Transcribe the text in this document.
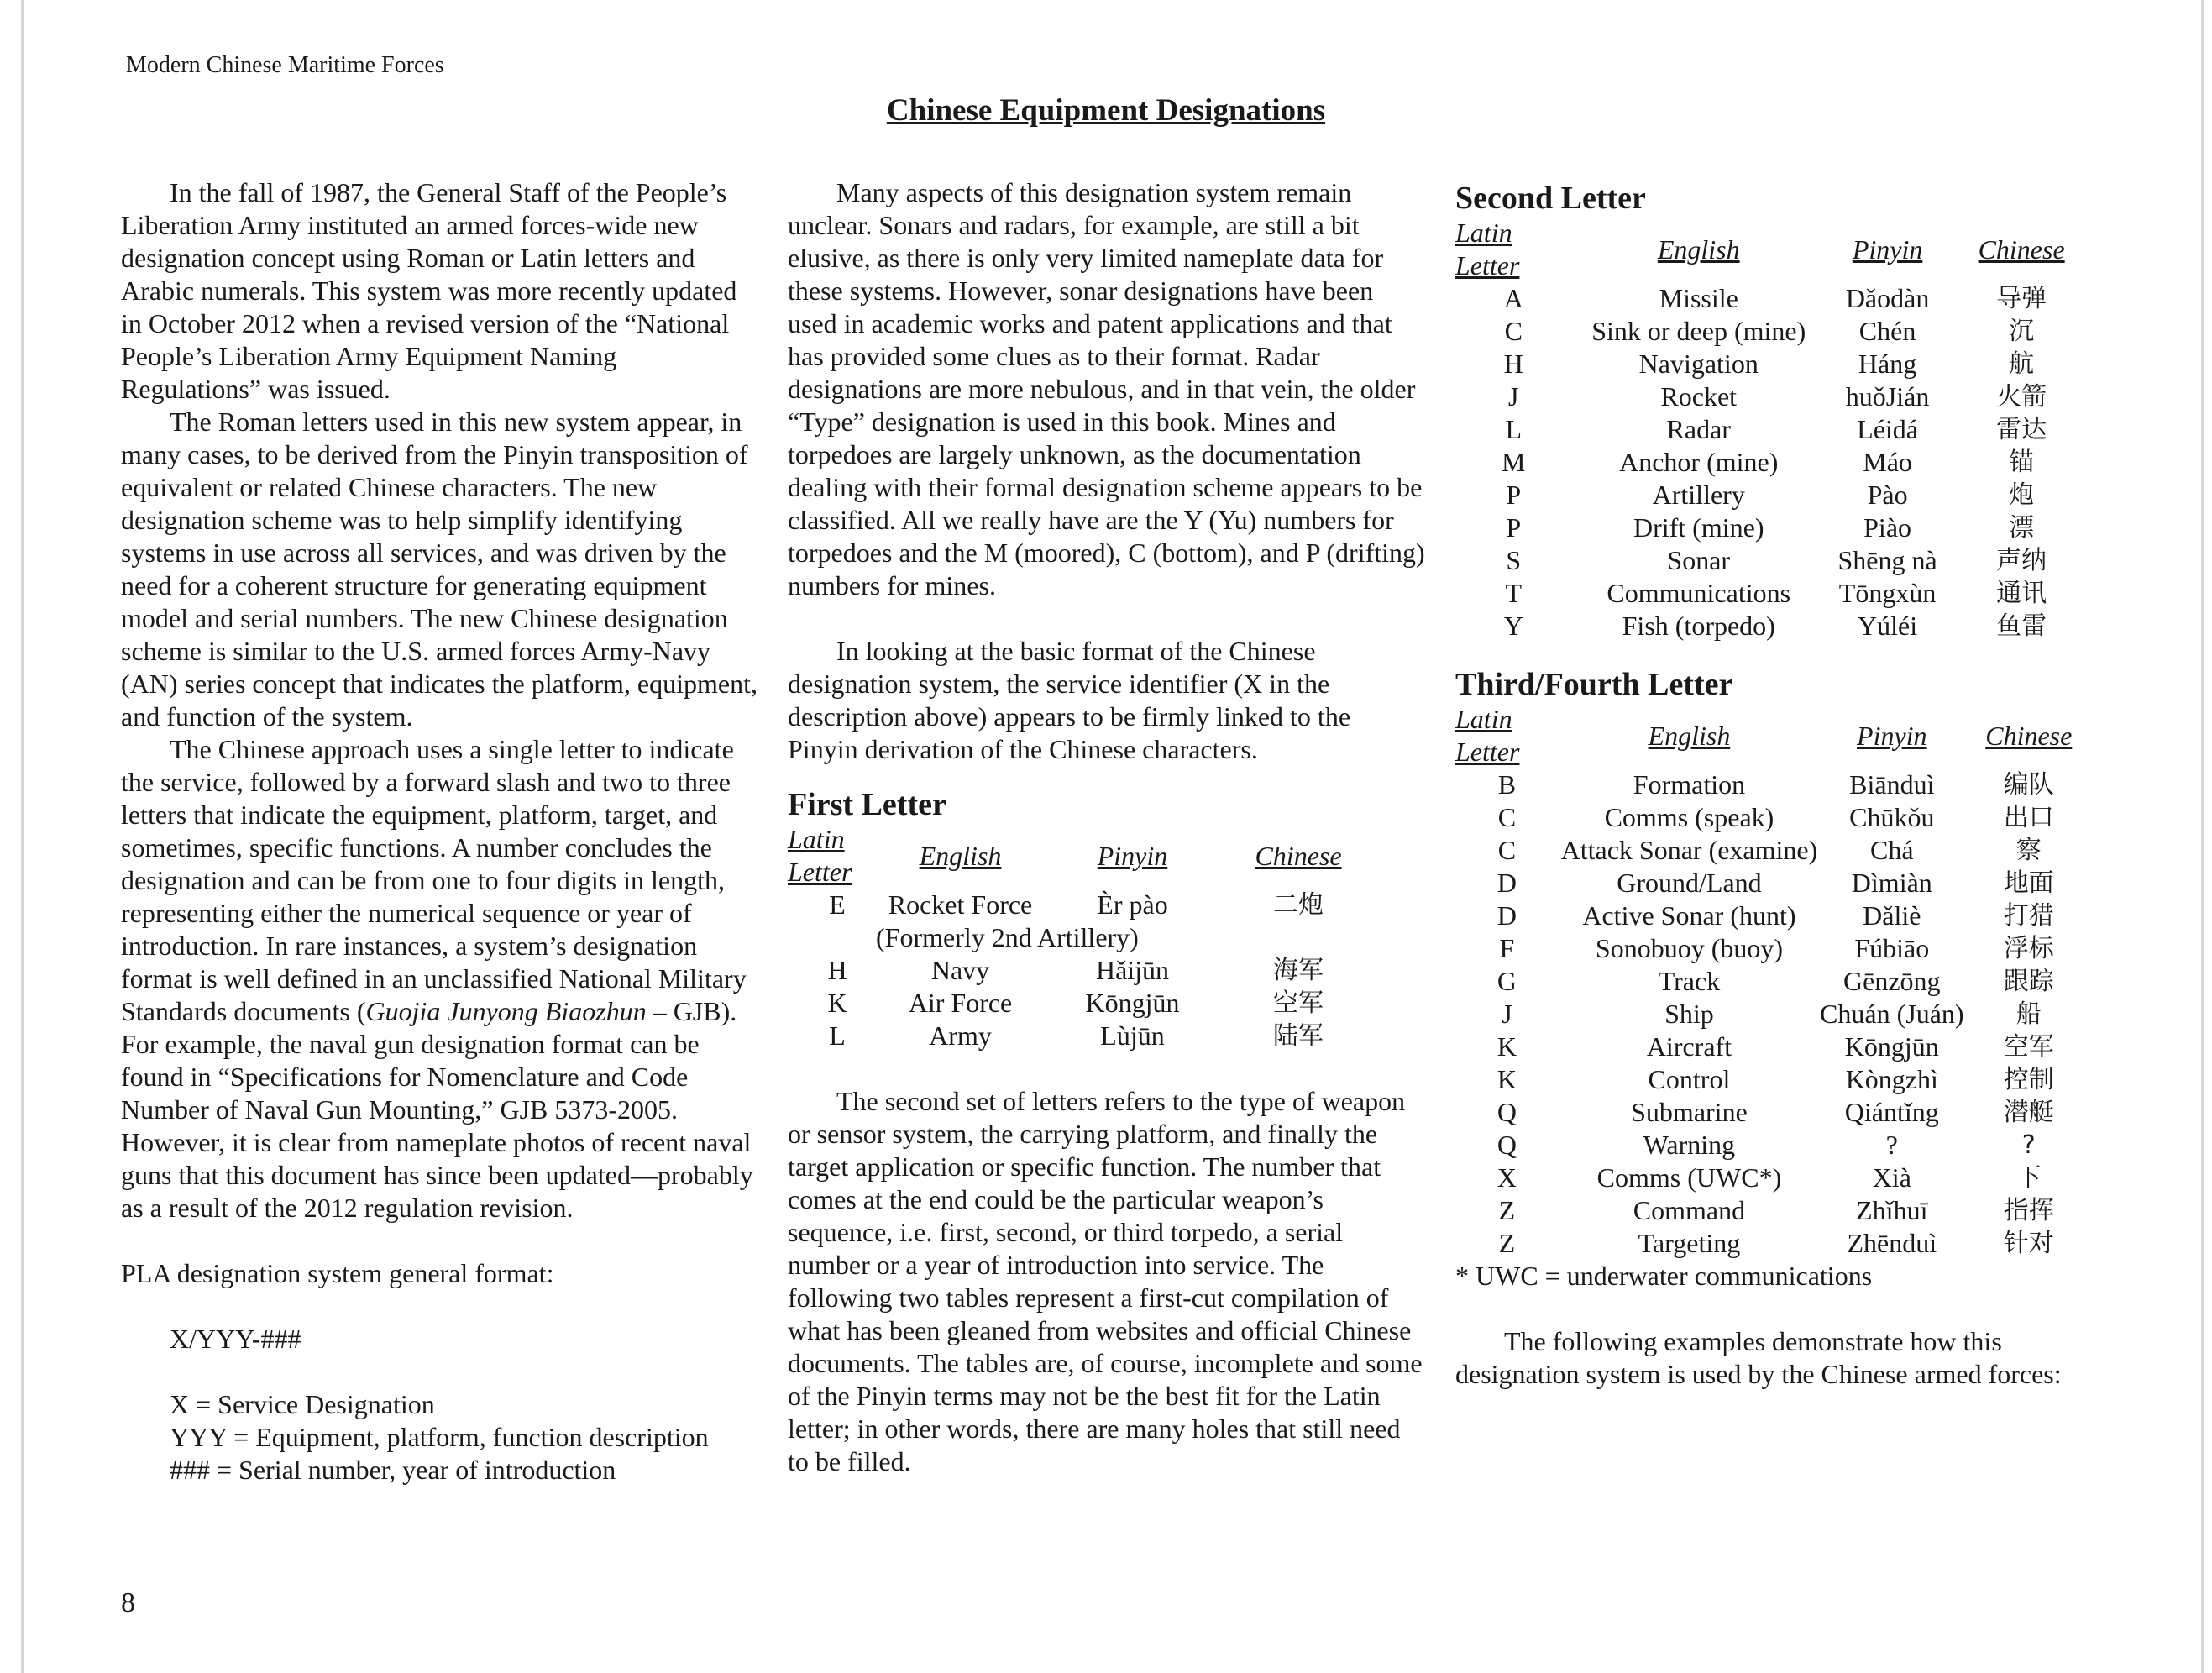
Modern Chinese Maritime Forces
Chinese Equipment Designations

In the fall of 1987, the General Staff of the People’s Liberation Army instituted an armed forces-wide new designation concept using Roman or Latin letters and Arabic numerals. This system was more recently updated in October 2012 when a revised version of the “National People’s Liberation Army Equipment Naming Regulations” was issued.

The Roman letters used in this new system appear, in many cases, to be derived from the Pinyin transposition of equivalent or related Chinese characters. The new designation scheme was to help simplify identifying systems in use across all services, and was driven by the need for a coherent structure for generating equipment model and serial numbers. The new Chinese designation scheme is similar to the U.S. armed forces Army-Navy (AN) series concept that indicates the platform, equipment, and function of the system.

The Chinese approach uses a single letter to indicate the service, followed by a forward slash and two to three letters that indicate the equipment, platform, target, and sometimes, specific functions. A number concludes the designation and can be from one to four digits in length, representing either the numerical sequence or year of introduction. In rare instances, a system’s designation format is well defined in an unclassified National Military Standards documents (Guojia Junyong Biaozhun – GJB). For example, the naval gun designation format can be found in “Specifications for Nomenclature and Code Number of Naval Gun Mounting,” GJB 5373-2005. However, it is clear from nameplate photos of recent naval guns that this document has since been updated—probably as a result of the 2012 regulation revision.

PLA designation system general format:

X/YYY-###
X = Service Designation
YYY = Equipment, platform, function description
### = Serial number, year of introduction

Many aspects of this designation system remain unclear. Sonars and radars, for example, are still a bit elusive, as there is only very limited nameplate data for these systems. However, sonar designations have been used in academic works and patent applications and that has provided some clues as to their format. Radar designations are more nebulous, and in that vein, the older “Type” designation is used in this book. Mines and torpedoes are largely unknown, as the documentation dealing with their formal designation scheme appears to be classified. All we really have are the Y (Yu) numbers for torpedoes and the M (moored), C (bottom), and P (drifting) numbers for mines.

In looking at the basic format of the Chinese designation system, the service identifier (X in the description above) appears to be firmly linked to the Pinyin derivation of the Chinese characters.

First Letter
Latin Letter	English	Pinyin	Chinese
E	Rocket Force	Èr pào	二炮
(Formerly 2nd Artillery)			
H	Navy	Hǎijūn	海军
K	Air Force	Kōngjūn	空军
L	Army	Lùjūn	陆军

The second set of letters refers to the type of weapon or sensor system, the carrying platform, and finally the target application or specific function. The number that comes at the end could be the particular weapon’s sequence, i.e. first, second, or third torpedo, a serial number or a year of introduction into service. The following two tables represent a first-cut compilation of what has been gleaned from websites and official Chinese documents. The tables are, of course, incomplete and some of the Pinyin terms may not be the best fit for the Latin letter; in other words, there are many holes that still need to be filled.

Second Letter
Latin Letter	English	Pinyin	Chinese
A	Missile	Dǎodàn	导弹
C	Sink or deep (mine)	Chén	沉
H	Navigation	Háng	航
J	Rocket	huǒJián	火箭
L	Radar	Léidá	雷达
M	Anchor (mine)	Máo	锚
P	Artillery	Pào	炮
P	Drift (mine)	Piào	漂
S	Sonar	Shēng nà	声纳
T	Communications	Tōngxùn	通讯
Y	Fish (torpedo)	Yúléi	鱼雷
Third/Fourth Letter
Latin Letter	English	Pinyin	Chinese
B	Formation	Biānduì	编队
C	Comms (speak)	Chūkǒu	出口
C	Attack Sonar (examine)	Chá	察
D	Ground/Land	Dìmiàn	地面
D	Active Sonar (hunt)	Dǎliè	打猎
F	Sonobuoy (buoy)	Fúbiāo	浮标
G	Track	Gēnzōng	跟踪
J	Ship	Chuán (Juán)	船
K	Aircraft	Kōngjūn	空军
K	Control	Kòngzhì	控制
Q	Submarine	Qiántǐng	潜艇
Q	Warning	?	?
X	Comms (UWC*)	Xià	下
Z	Command	Zhǐhuī	指挥
Z	Targeting	Zhēnduì	针对

* UWC = underwater communications

The following examples demonstrate how this designation system is used by the Chinese armed forces:

8
